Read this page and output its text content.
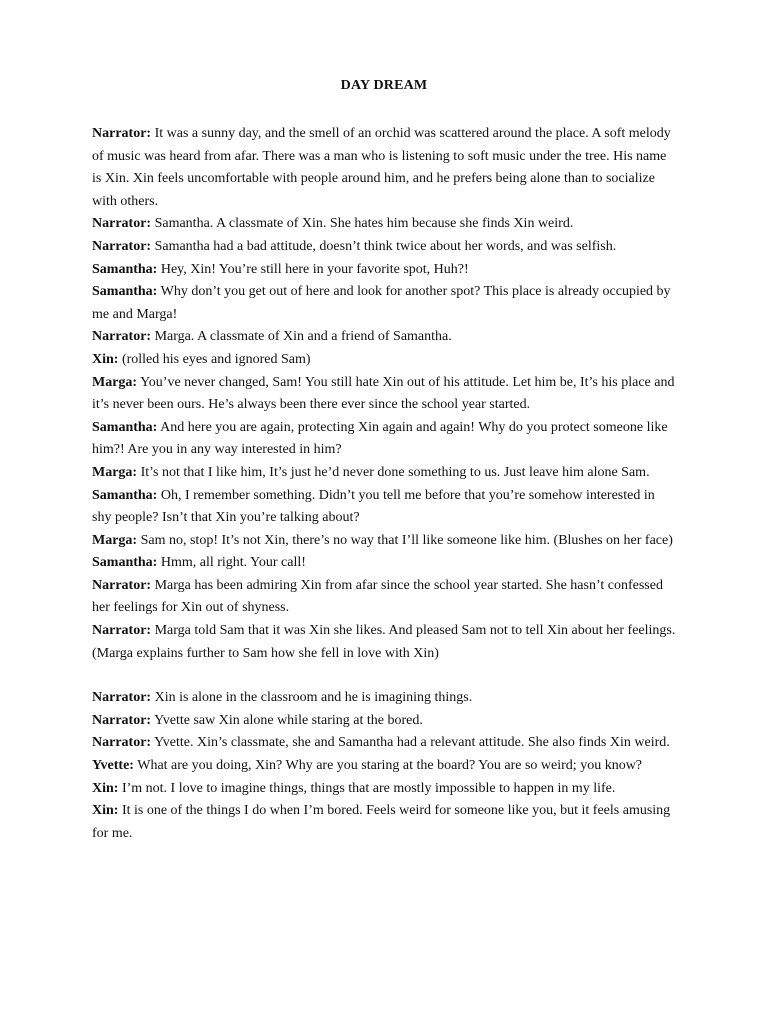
DAY DREAM

Narrator: It was a sunny day, and the smell of an orchid was scattered around the place. A soft melody of music was heard from afar. There was a man who is listening to soft music under the tree. His name is Xin. Xin feels uncomfortable with people around him, and he prefers being alone than to socialize with others.

Narrator: Samantha. A classmate of Xin. She hates him because she finds Xin weird.

Narrator: Samantha had a bad attitude, doesn’t think twice about her words, and was selfish.

Samantha: Hey, Xin! You’re still here in your favorite spot, Huh?!

Samantha: Why don’t you get out of here and look for another spot? This place is already occupied by me and Marga!

Narrator: Marga. A classmate of Xin and a friend of Samantha.

Xin: (rolled his eyes and ignored Sam)

Marga: You’ve never changed, Sam! You still hate Xin out of his attitude. Let him be, It’s his place and it’s never been ours. He’s always been there ever since the school year started.

Samantha: And here you are again, protecting Xin again and again! Why do you protect someone like him?! Are you in any way interested in him?

Marga: It’s not that I like him, It’s just he’d never done something to us. Just leave him alone Sam.

Samantha: Oh, I remember something. Didn’t you tell me before that you’re somehow interested in shy people? Isn’t that Xin you’re talking about?

Marga: Sam no, stop! It’s not Xin, there’s no way that I’ll like someone like him. (Blushes on her face)

Samantha: Hmm, all right. Your call!

Narrator: Marga has been admiring Xin from afar since the school year started. She hasn’t confessed her feelings for Xin out of shyness.

Narrator: Marga told Sam that it was Xin she likes. And pleased Sam not to tell Xin about her feelings. (Marga explains further to Sam how she fell in love with Xin)

Narrator: Xin is alone in the classroom and he is imagining things.

Narrator: Yvette saw Xin alone while staring at the bored.

Narrator: Yvette. Xin’s classmate, she and Samantha had a relevant attitude. She also finds Xin weird.

Yvette: What are you doing, Xin? Why are you staring at the board? You are so weird; you know?

Xin: I’m not. I love to imagine things, things that are mostly impossible to happen in my life.

Xin: It is one of the things I do when I’m bored. Feels weird for someone like you, but it feels amusing for me.
